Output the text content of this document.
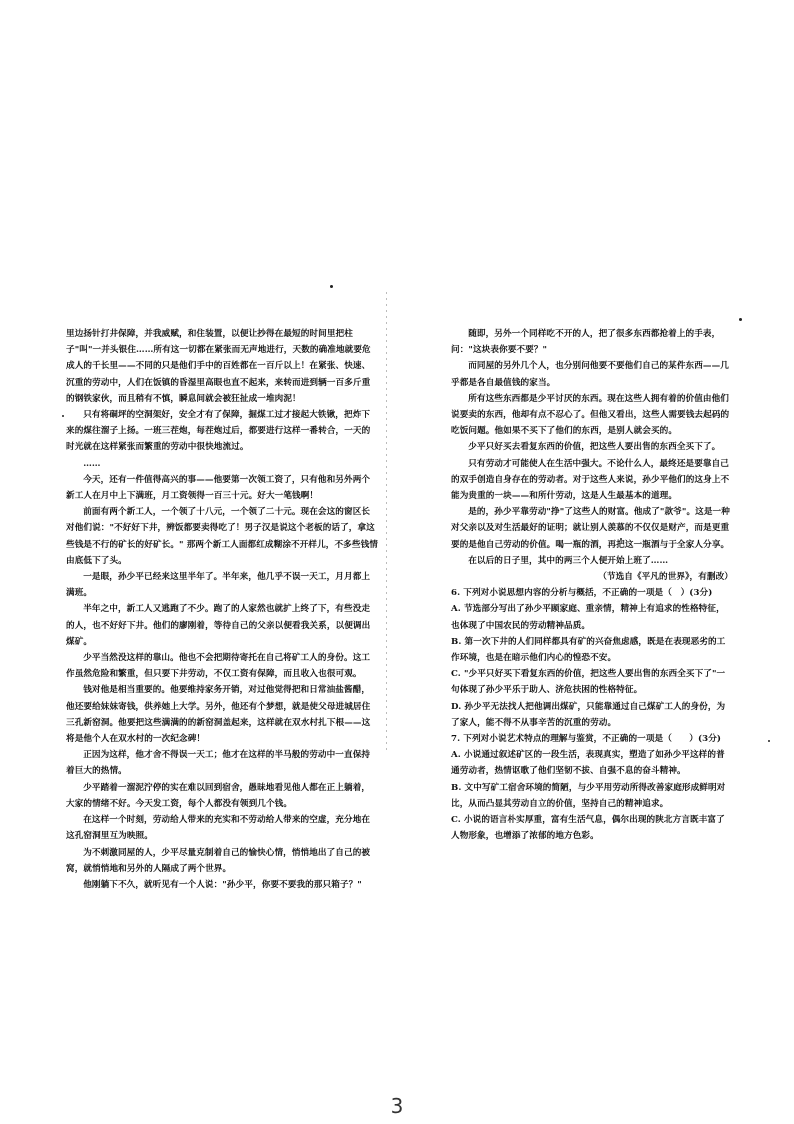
里边扬针打井保障，并我威赋，和住装置，以便让抄得在最短的时间里把柱子"叫"一并头银住……所有这一切都在紧张而无声地进行，天数的确准地就要危成人的千长里——不同的只是他们手中的百姓都在一百斤以上！在紧张、快速、沉重的劳动中，人们在饭镇的昏湿里高眼也直不起来，来转而进到辆一百多斤重的钢铁家伙，而且稍有不慎，瞬息间就会被狂扯成一堆肉泥！

只有将硐坪的空洞架好，安全才有了保障，掘煤工过才接起大铁锹，把炸下来的煤往溜子上扬。一班三茬炮，每茬炮过后，都要进行这样一番转合，一天的时光就在这样紧张而繁重的劳动中很快地流过。

……

今天，还有一件值得高兴的事——他要第一次领工资了，只有他和另外两个新工人在月中上下满班，月工资领得一百三十元。好大一笔钱啊！

前面有两个新工人，一个领了十八元，一个领了二十元。现在会这的窗区长对他们说："不好好下井，辨饭都要卖得吃了！男子汉是说这个老板的话了，拿这些钱是不行的矿长的好矿长。" 那两个新工人面都红成糊涂不开样儿，不多些钱情由底低下了头。

一是眼，孙少平已经来这里半年了。半年来，他几乎不误一天工，月月都上满班。

半年之中，新工人又逃跑了不少。跑了的人家然也就扩上终了下，有些没走的人，也不好好下井。他们的廖刚着，等待自己的父亲以便看我关系，以便调出煤矿。

少平当然没这样的靠山。他也不会把期待寄托在自己将矿工人的身份。这工作虽然危险和繁重，但只要下井劳动，不仅工资有保障，而且收入也很可观。

钱对他是相当重要的。他要维持家务开销，对过他觉得把和日常油盐酱醋，他还要给妹妹寄钱，供养她上大学。另外，他还有个梦想，就是使父母进城居住三孔新窑洞。他要把这些满满的的新窑洞盖起来，这样就在双水村扎下根——这将是他个人在双水村的一次纪念碑！

正因为这样，他才舍不得误一天工；他才在这样的半马般的劳动中一直保持着巨大的热情。

少平踏着一溜泥泞停的实在难以回到宿舍，愚昧地看见他人都在正上躺着，大家的情绪不好。今天发工资，每个人都没有领到几个钱。

在这样一个时刻，劳动给人带来的充实和不劳动给人带来的空虚，充分地在这孔窑洞里互为映照。

为不刺激同屋的人，少平尽量克制着自己的愉快心情，悄悄地出了自己的被窝，就悄悄地和另外的人隔成了两个世界。

他刚躺下不久，就听见有一个人说："孙少平，你要不要我的那只箱子？"

随即，另外一个同样吃不开的人，把了很多东西都抢着上的手表，问："这块表你要不要？"

而同屋的另外几个人，也分别问他要不要他们自己的某件东西——几乎都是各自最值钱的家当。

所有这些东西都是少平讨厌的东西。现在这些人拥有着的价值由他们说要卖的东西，他却有点不忍心了。但他又看出，这些人需要钱去起码的吃饭问题。他如果不买下了他们的东西，是别人就会买的。

少平只好买去看复东西的价值，把这些人要出售的东西全买下了。

只有劳动才可能使人在生活中强大。不论什么人，最终还是要靠自己的双手创造自身存在的劳动者。对于这些人来说，孙少平他们的这身上不能为贵重的一块——和所什劳动，这是人生最基本的道理。

是的，孙少平靠劳动"挣"了这些人的财富。他成了"款爷"。这是一种对父亲以及对生活最好的证明；就让别人羡慕的不仅仅是财产，而是更重要的是他自己劳动的价值。喝一瓶的酒，再把这一瓶酒与于全家人分享。

在以后的日子里，其中的两三个人便开始上班了……

（节选自《平凡的世界》，有删改）

6. 下列对小说思想内容的分析与概括，不正确的一项是（　）(3分)

A. 节选部分写出了孙少平顾家庭、重亲情，精神上有追求的性格特征，也体现了中国农民的劳动精神品质。

B. 第一次下井的人们同样都具有矿的兴奋焦虑感，既是在表现恶劣的工作环境，也是在暗示他们内心的惶恐不安。

C. "少平只好买下看复东西的价值，把这些人要出售的东西全买下了"一句体现了孙少平乐于助人、济危扶困的性格特征。

D. 孙少平无法找人把他调出煤矿，只能靠通过自己煤矿工人的身份，为了家人，能不得不从事辛苦的沉重的劳动。

7. 下列对小说艺术特点的理解与鉴赏，不正确的一项是（　　）(3分)

A. 小说通过叙述矿区的一段生活，表现真实，塑造了如孙少平这样的普通劳动者，热情讴歌了他们坚韧不拔、自强不息的奋斗精神。

B. 文中写矿工宿舍环境的简陋，与少平用劳动所得改善家庭形成鲜明对比，从而凸显其劳动自立的价值，坚持自己的精神追求。

C. 小说的语言朴实厚重，富有生活气息，偶尔出现的陕北方言既丰富了人物形象，也增添了浓郁的地方色彩。

3
